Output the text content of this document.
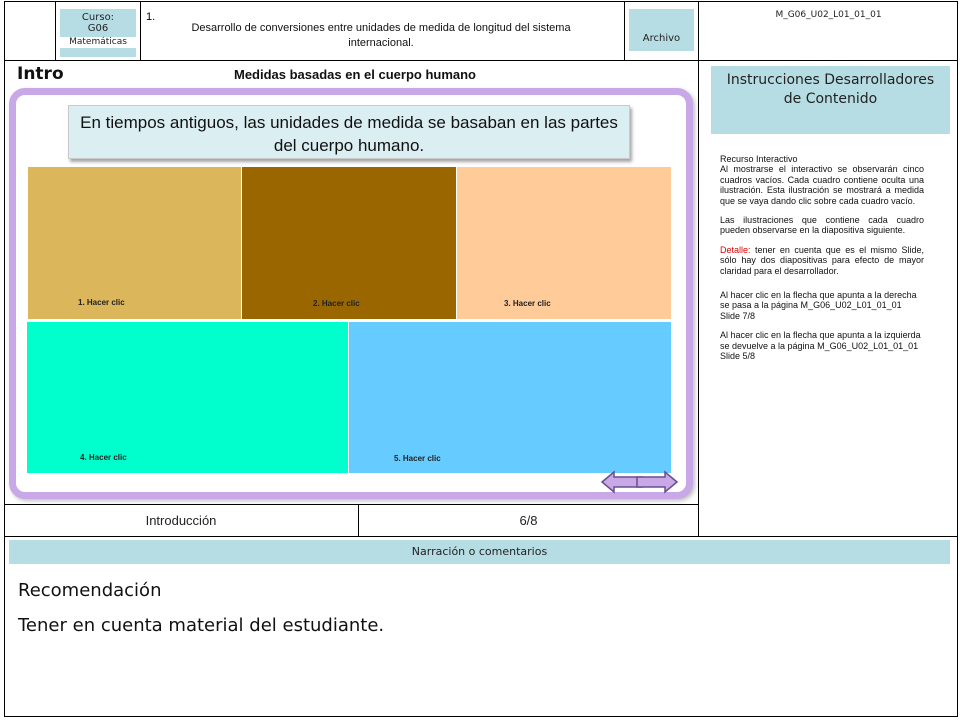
Curso:
G06
Matemáticas
1.
Desarrollo de conversiones entre unidades de medida de longitud del sistema internacional.	Archivo
M_G06_U02_L01_01_01
Intro	Medidas basadas en el cuerpo humano
En tiempos antiguos, las unidades de medida se basaban en las partes del cuerpo humano.
1. Hacer clic	2. Hacer clic	3. Hacer clic
4. Hacer clic	5. Hacer clic
Introducción	6/8
Instrucciones Desarrolladores de Contenido
Recurso Interactivo

Al mostrarse el interactivo se observarán cinco cuadros vacíos. Cada cuadro contiene oculta una ilustración. Esta ilustración se mostrará a medida que se vaya dando clic sobre cada cuadro vacío.

Las ilustraciones que contiene cada cuadro pueden observarse en la diapositiva siguiente.

Detalle: tener en cuenta que es el mismo Slide, sólo hay dos diapositivas para efecto de mayor claridad para el desarrollador.

Al hacer clic en la flecha que apunta a la derecha se pasa a la página M_G06_U02_L01_01_01 Slide 7/8

Al hacer clic en la flecha que apunta a la izquierda se devuelve a la página M_G06_U02_L01_01_01 Slide 5/8

Narración o comentarios
Recomendación
Tener en cuenta material del estudiante.
